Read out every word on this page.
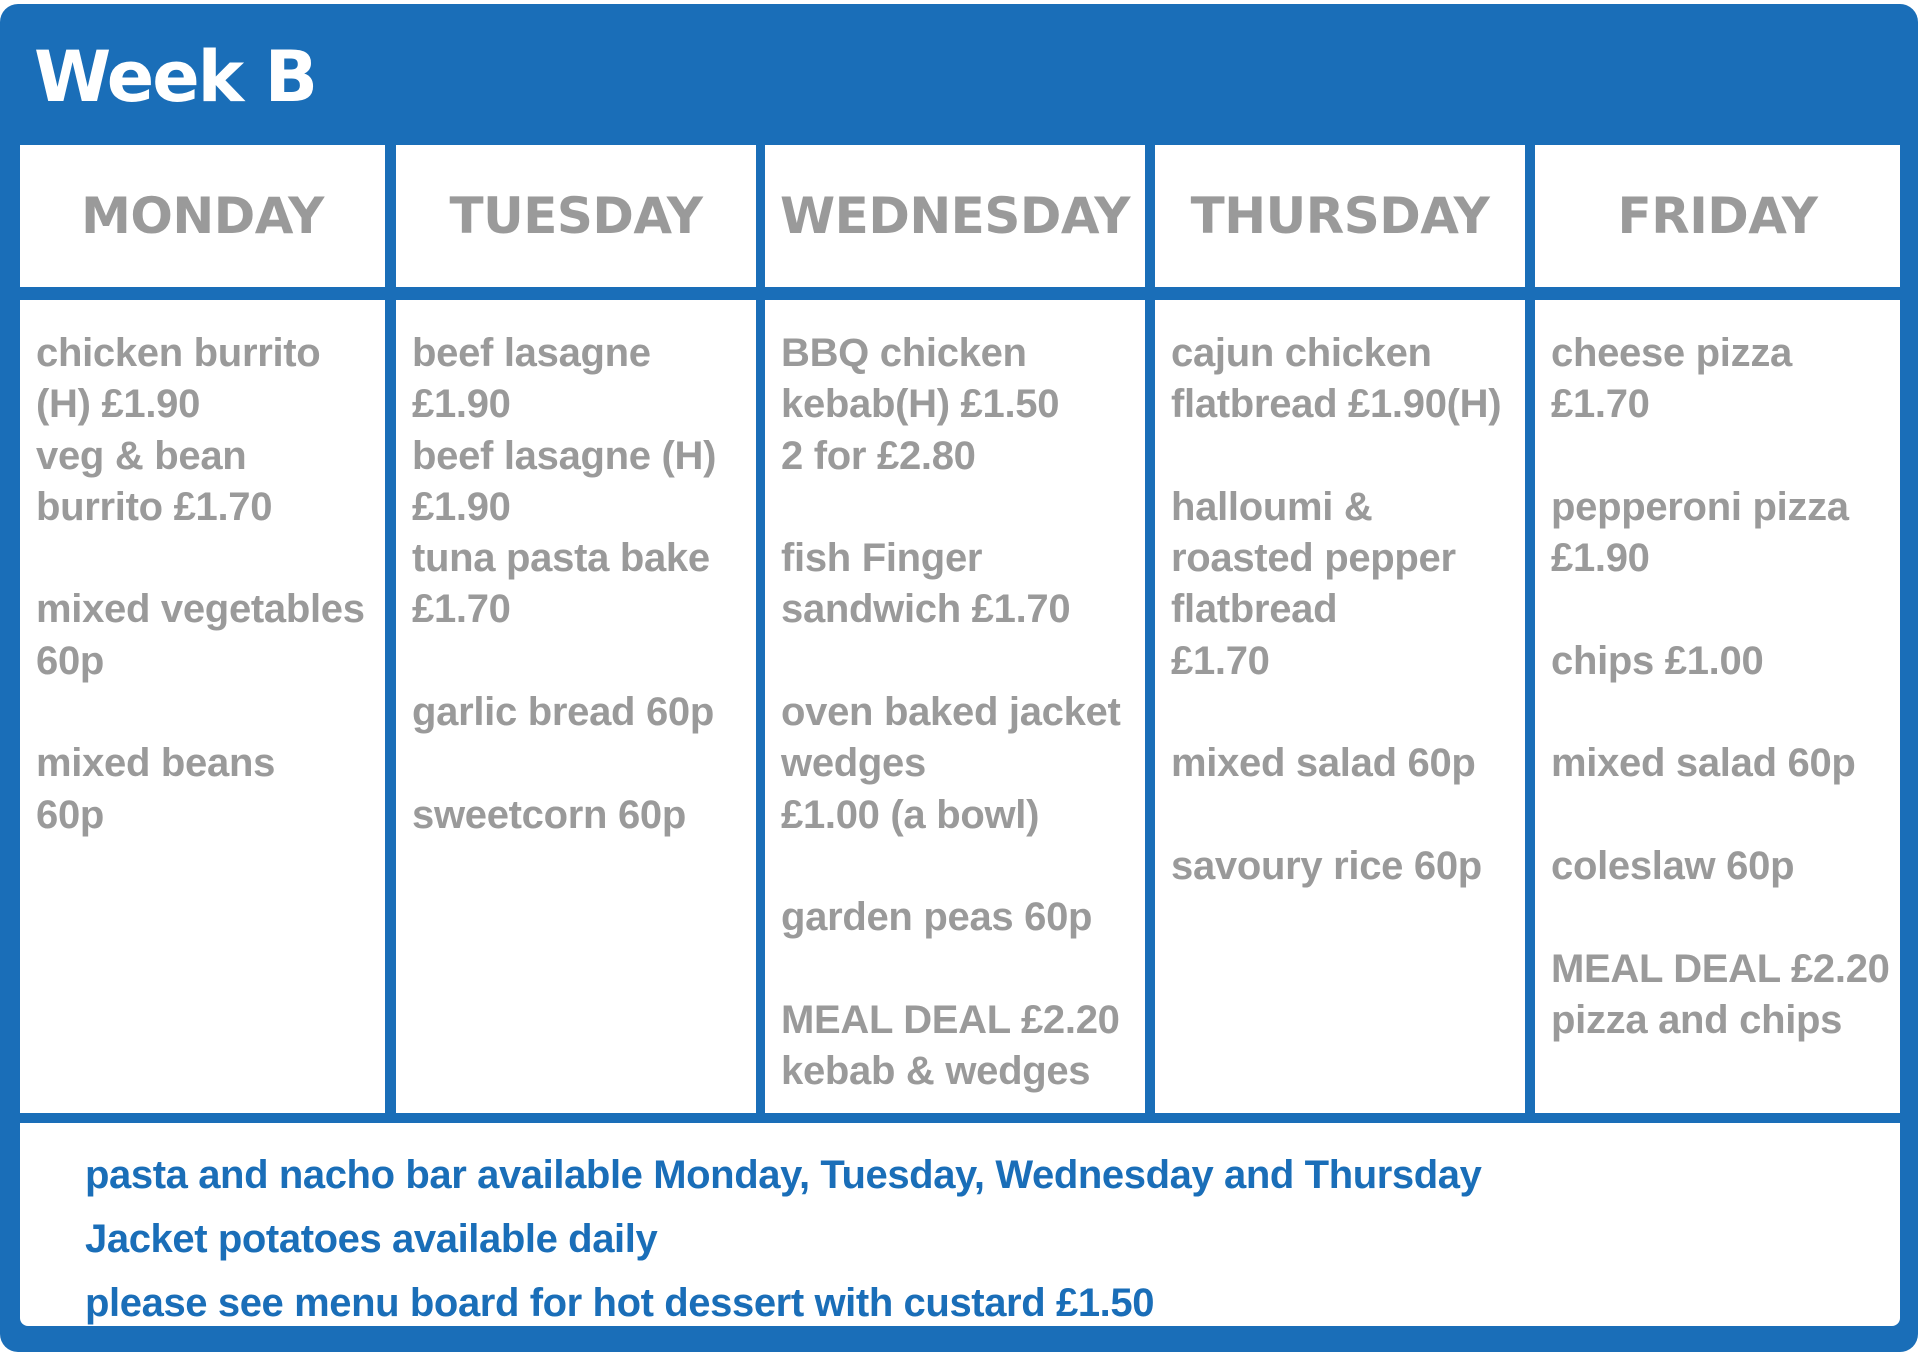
Week B
MONDAY	TUESDAY WEDNESDAY THURSDAY	FRIDAY
chicken burrito
(H) £1.90
veg & bean
burrito £1.70
mixed vegetables
60p
mixed beans
60p
beef lasagne
£1.90
beef lasagne (H)
£1.90
tuna pasta bake
£1.70
garlic bread 60p
sweetcorn 60p
BBQ chicken
kebab(H) £1.50
2 for £2.80
fish Finger
sandwich £1.70
oven baked jacket
wedges
£1.00 (a bowl)
garden peas 60p
MEAL DEAL £2.20
kebab & wedges
cajun chicken
flatbread £1.90(H)
halloumi &
roasted pepper
flatbread
£1.70
mixed salad 60p
savoury rice 60p
cheese pizza
£1.70
pepperoni pizza
£1.90
chips £1.00
mixed salad 60p
coleslaw 60p
MEAL DEAL £2.20
pizza and chips
pasta and nacho bar available Monday, Tuesday, Wednesday and Thursday
Jacket potatoes available daily
please see menu board for hot dessert with custard £1.50
